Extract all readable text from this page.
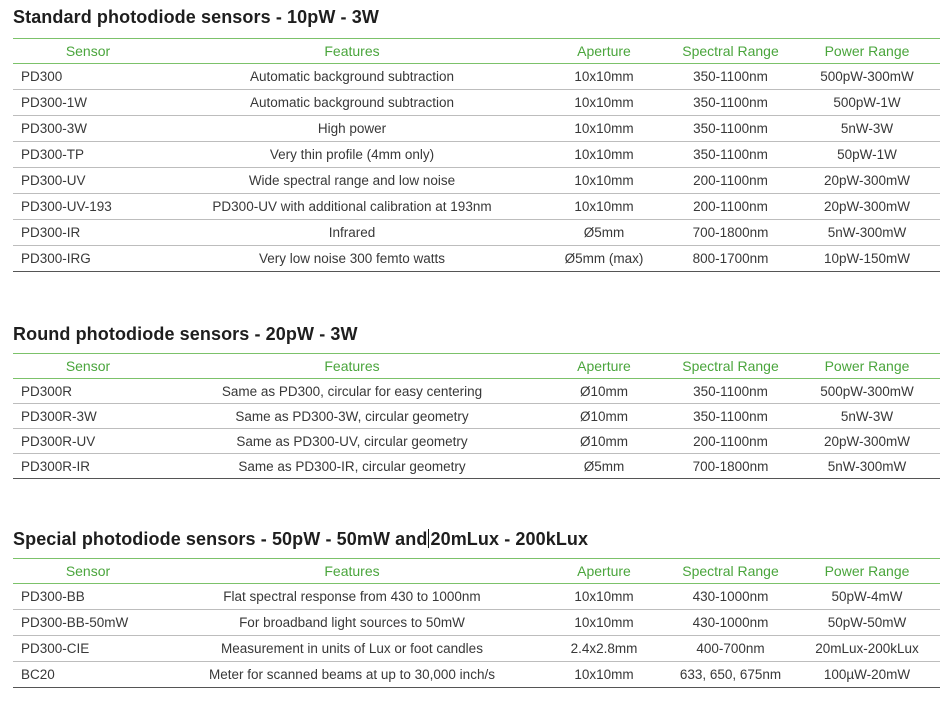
Standard photodiode sensors - 10pW - 3W
Sensor	Features	Aperture	Spectral Range	Power Range
PD300	Automatic background subtraction	10x10mm	350-1100nm	500pW-300mW
PD300-1W	Automatic background subtraction	10x10mm	350-1100nm	500pW-1W
PD300-3W	High power	10x10mm	350-1100nm	5nW-3W
PD300-TP	Very thin profile (4mm only)	10x10mm	350-1100nm	50pW-1W
PD300-UV	Wide spectral range and low noise	10x10mm	200-1100nm	20pW-300mW
PD300-UV-193	PD300-UV with additional calibration at 193nm	10x10mm	200-1100nm	20pW-300mW
PD300-IR	Infrared	Ø5mm	700-1800nm	5nW-300mW
PD300-IRG	Very low noise 300 femto watts	Ø5mm (max)	800-1700nm	10pW-150mW
Round photodiode sensors - 20pW - 3W
Sensor	Features	Aperture	Spectral Range	Power Range
PD300R	Same as PD300, circular for easy centering	Ø10mm	350-1100nm	500pW-300mW
PD300R-3W	Same as PD300-3W, circular geometry	Ø10mm	350-1100nm	5nW-3W
PD300R-UV	Same as PD300-UV, circular geometry	Ø10mm	200-1100nm	20pW-300mW
PD300R-IR	Same as PD300-IR, circular geometry	Ø5mm	700-1800nm	5nW-300mW
Special photodiode sensors - 50pW - 50mW and 20mLux - 200kLux
Sensor	Features	Aperture	Spectral Range	Power Range
PD300-BB	Flat spectral response from 430 to 1000nm	10x10mm	430-1000nm	50pW-4mW
PD300-BB-50mW	For broadband light sources to 50mW	10x10mm	430-1000nm	50pW-50mW
PD300-CIE	Measurement in units of Lux or foot candles	2.4x2.8mm	400-700nm	20mLux-200kLux
BC20	Meter for scanned beams at up to 30,000 inch/s	10x10mm	633, 650, 675nm	100µW-20mW
